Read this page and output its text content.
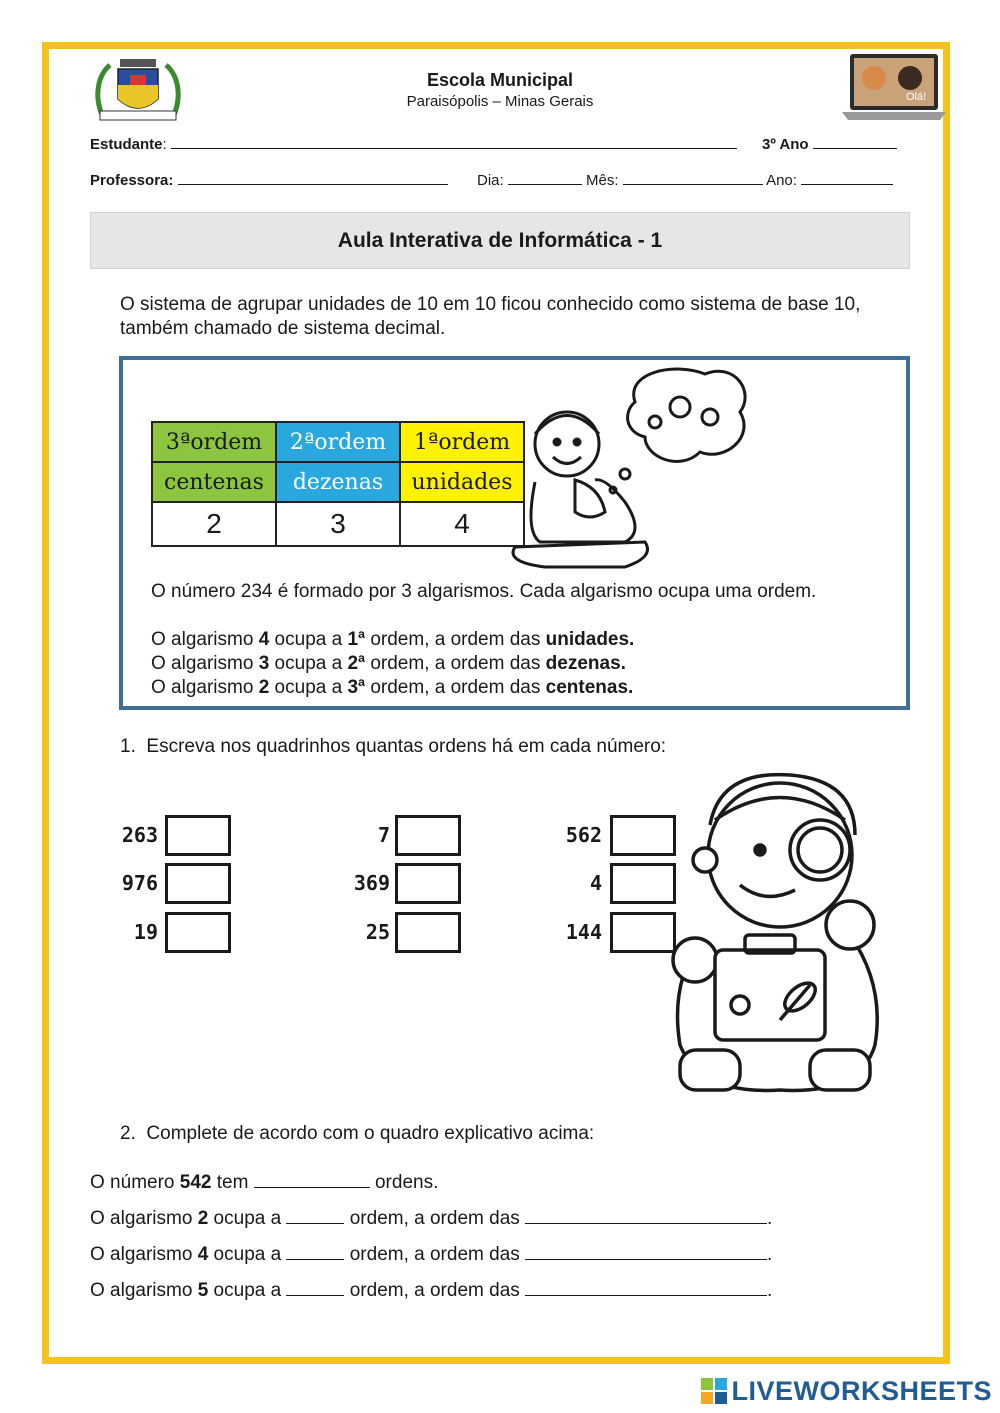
Escola Municipal
Paraisópolis – Minas Gerais	Olá!
Estudante:	3º Ano
Professora:	Dia:	Mês:	Ano:
Aula Interativa de Informática - 1
O sistema de agrupar unidades de 10 em 10 ficou conhecido como sistema de base 10, também chamado de sistema decimal.
3ªordem	2ªordem	1ªordem
centenas	dezenas	unidades
2	3	4
O número 234 é formado por 3 algarismos. Cada algarismo ocupa uma ordem.
O algarismo 4 ocupa a 1ª ordem, a ordem das unidades.
O algarismo 3 ocupa a 2ª ordem, a ordem das dezenas.
O algarismo 2 ocupa a 3ª ordem, a ordem das centenas.
1. Escreva nos quadrinhos quantas ordens há em cada número:
263
976
19
7
369
25
562
4
144
2. Complete de acordo com o quadro explicativo acima:
O número 542 tem	ordens.
O algarismo 2 ocupa a	ordem, a ordem das	.
O algarismo 4 ocupa a	ordem, a ordem das	.
O algarismo 5 ocupa a	ordem, a ordem das	.
LIVEWORKSHEETS
